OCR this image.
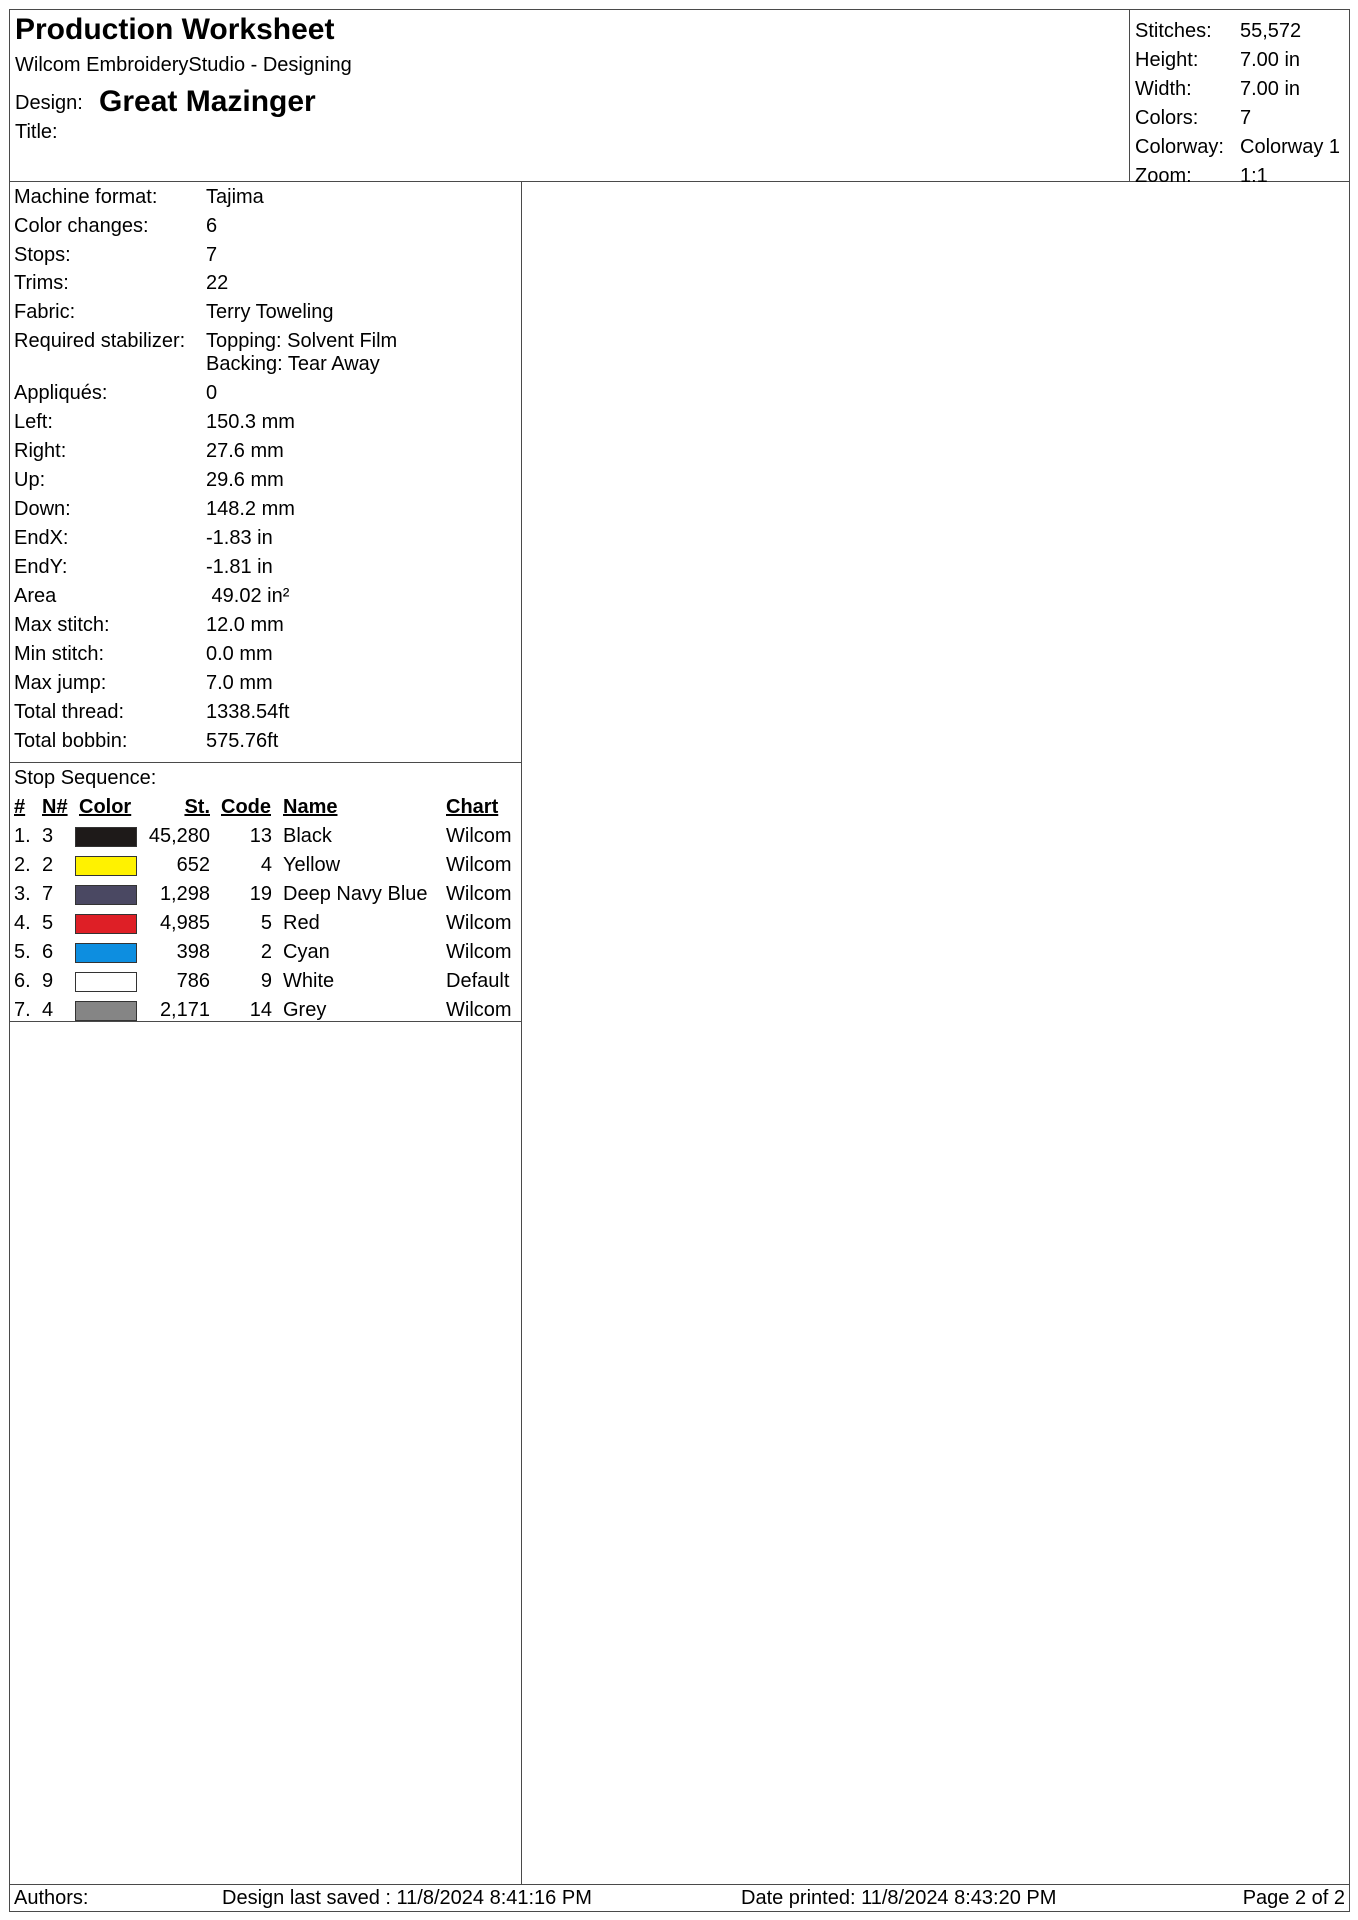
Production Worksheet
Wilcom EmbroideryStudio - Designing
Design: Great Mazinger
Title:
Stitches: 55,572
Height: 7.00 in
Width: 7.00 in
Colors: 7
Colorway: Colorway 1
Zoom: 1:1
Machine format: Tajima
Color changes:	6
Stops:	7
Trims:	22
Fabric:	Terry Toweling
Required stabilizer: Topping: Solvent Film
Backing: Tear Away
Appliqués:	0
Left:	150.3 mm
Right:	27.6 mm
Up:	29.6 mm
Down:	148.2 mm
EndX:	-1.83 in
EndY:	-1.81 in
Area	49.02 in²
Max stitch:	12.0 mm
Min stitch:	0.0 mm
Max jump:	7.0 mm
Total thread:	1338.54ft
Total bobbin:	575.76ft
Stop Sequence:
# N# Color	St. Code Name	Chart
1. 3	45,280	13 Black	Wilcom
2. 2	652	4 Yellow	Wilcom
3. 7	1,298	19 Deep Navy Blue Wilcom
4. 5	4,985	5 Red	Wilcom
5. 6	398	2 Cyan	Wilcom
6. 9	786	9 White	Default
7. 4	2,171	14 Grey	Wilcom
Authors:	Design last saved : 11/8/2024 8:41:16 PM	Date printed: 11/8/2024 8:43:20 PM	Page 2 of 2
